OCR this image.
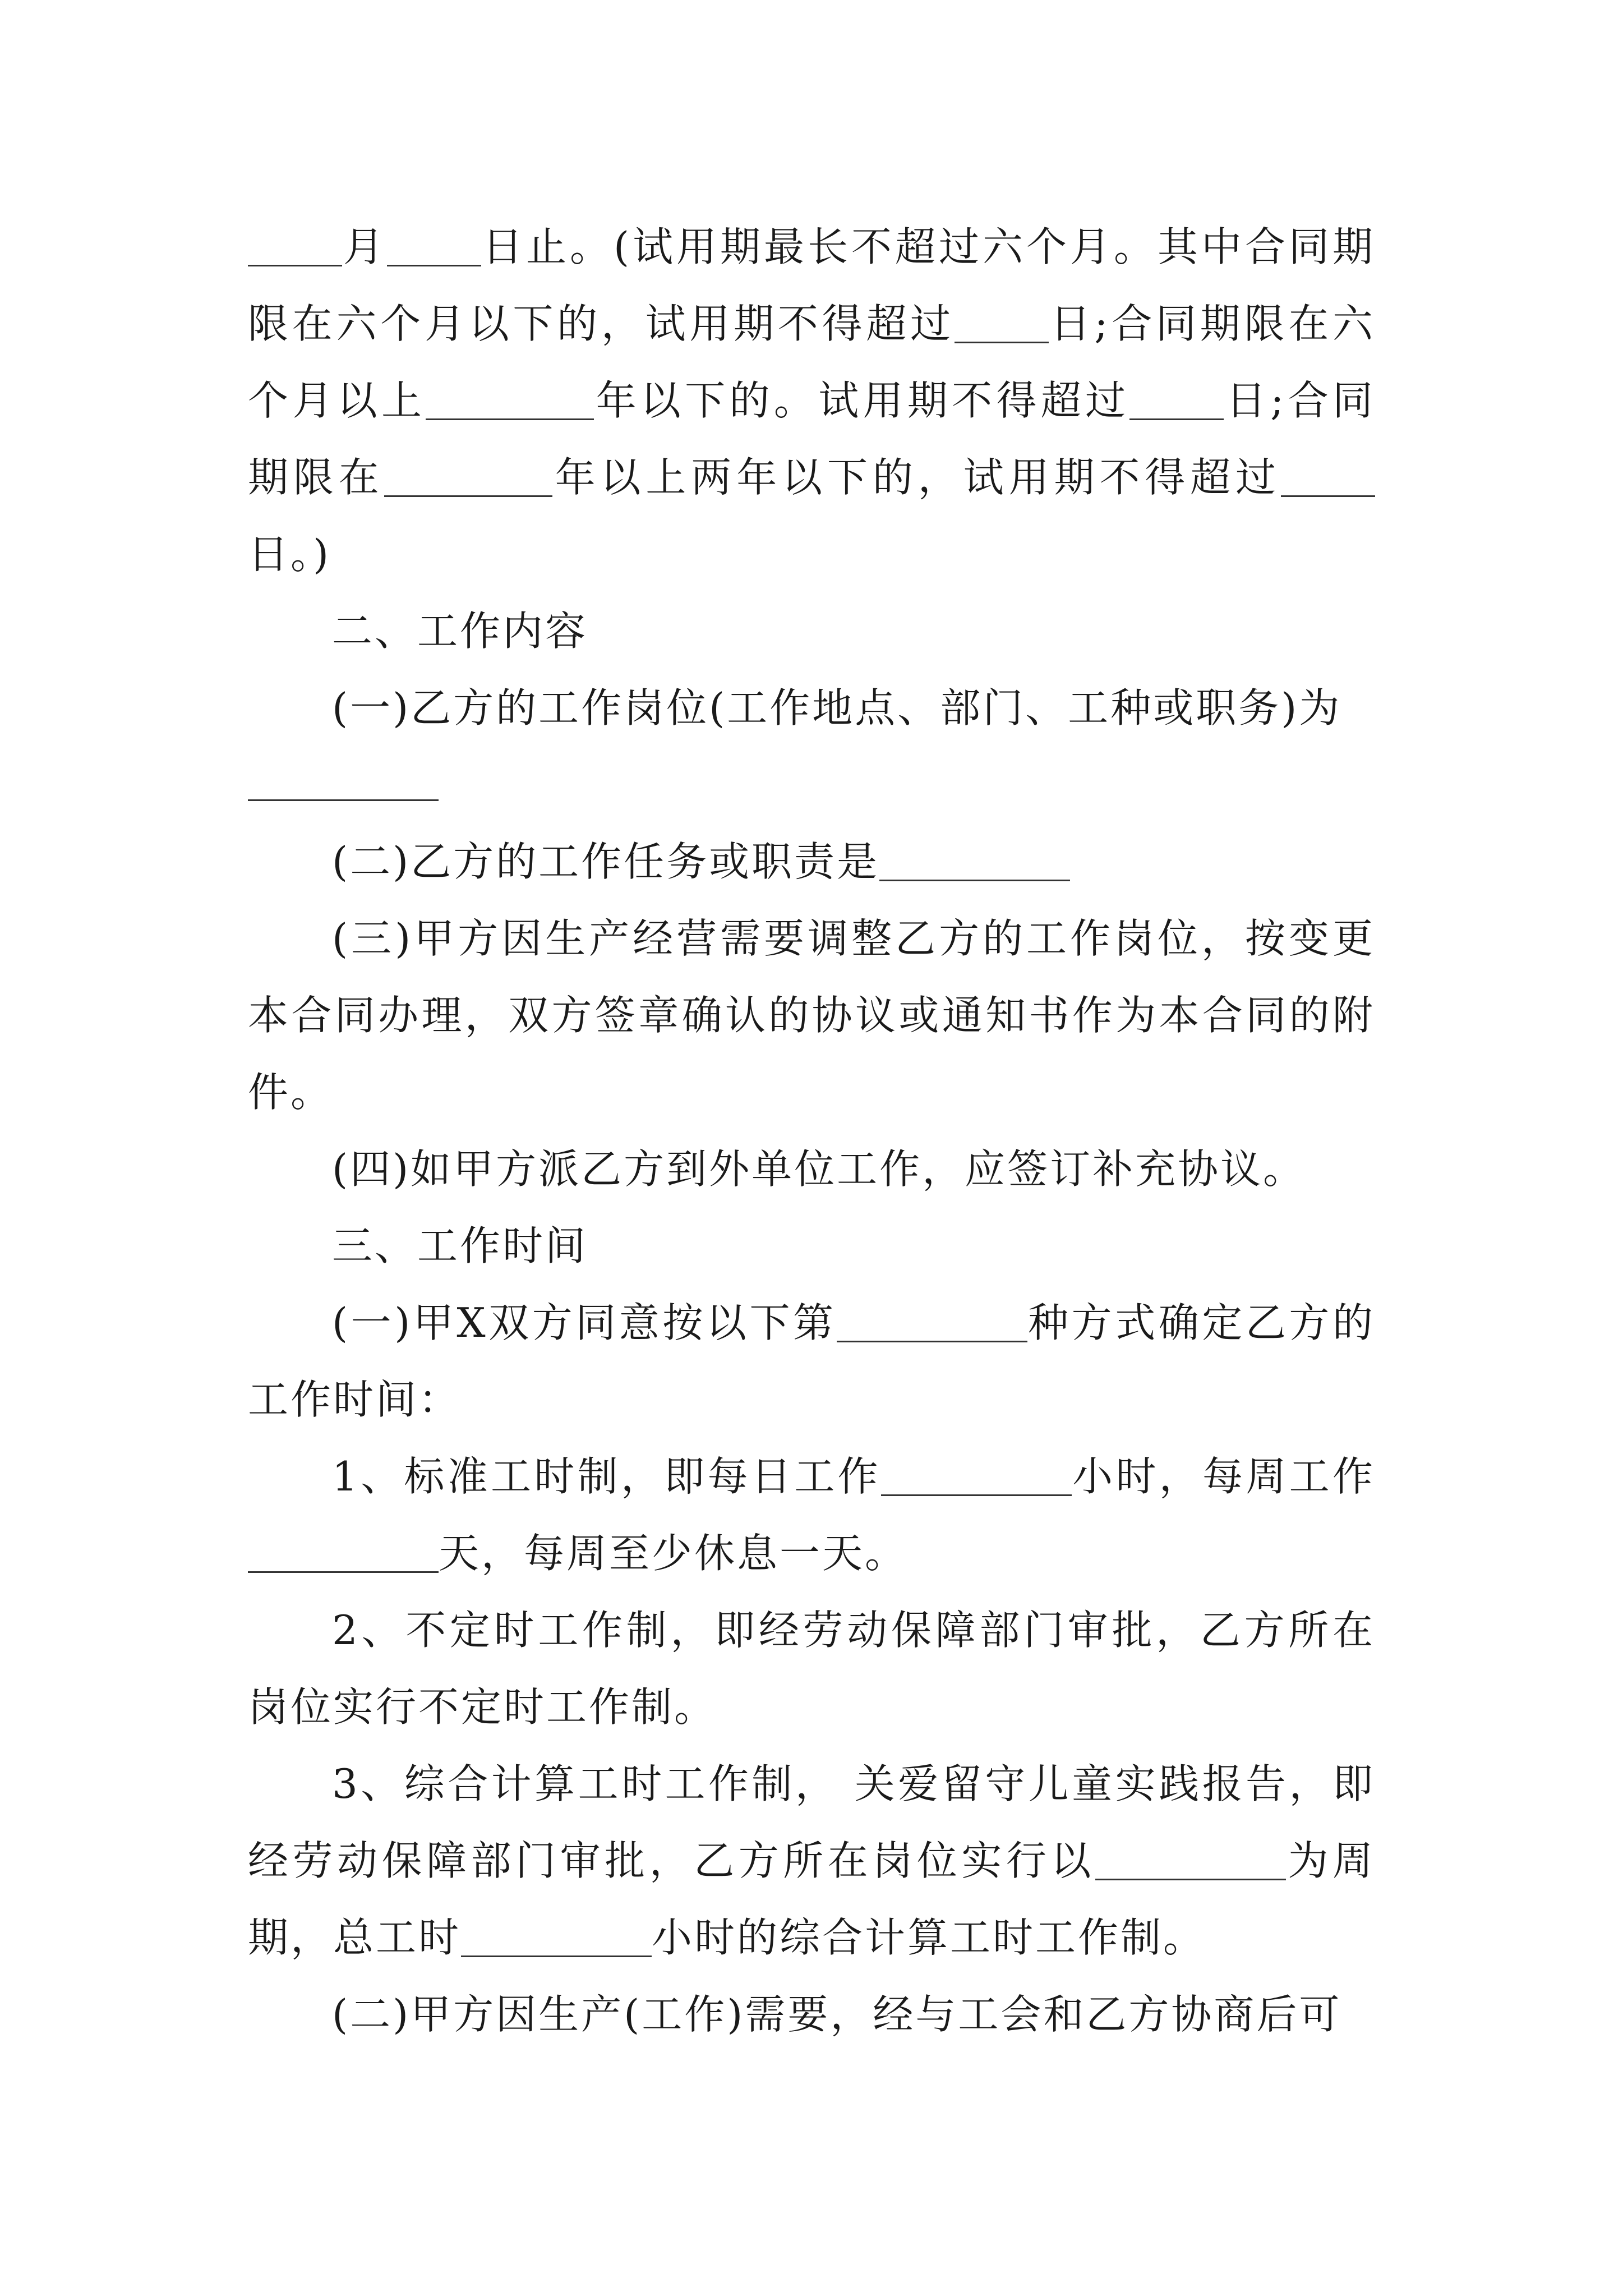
月 日止。(试用期最长不超过六个月。其中合同期限在六个月以下的，试用期不得超过 日;合同期限在六个月以上	年以下的。试用期不得超过 日;合同期限在	年以上两年以下的，试用期不得超过日。)

二、工作内容

(一)乙方的工作岗位(工作地点、部门、工种或职务)为

(二)乙方的工作任务或职责是

(三)甲方因生产经营需要调整乙方的工作岗位，按变更本合同办理，双方签章确认的协议或通知书作为本合同的附件。

(四)如甲方派乙方到外单位工作，应签订补充协议。

三、工作时间

(一)甲X双方同意按以下第	种方式确定乙方的工作时间：

1、标准工时制，即每日工作	小时，每周工作天，每周至少休息一天。

2、不定时工作制，即经劳动保障部门审批，乙方所在岗位实行不定时工作制。

3、综合计算工时工作制， 关爱留守儿童实践报告，即经劳动保障部门审批，乙方所在岗位实行以	为周期，总工时	小时的综合计算工时工作制。

(二)甲方因生产(工作)需要，经与工会和乙方协商后可
